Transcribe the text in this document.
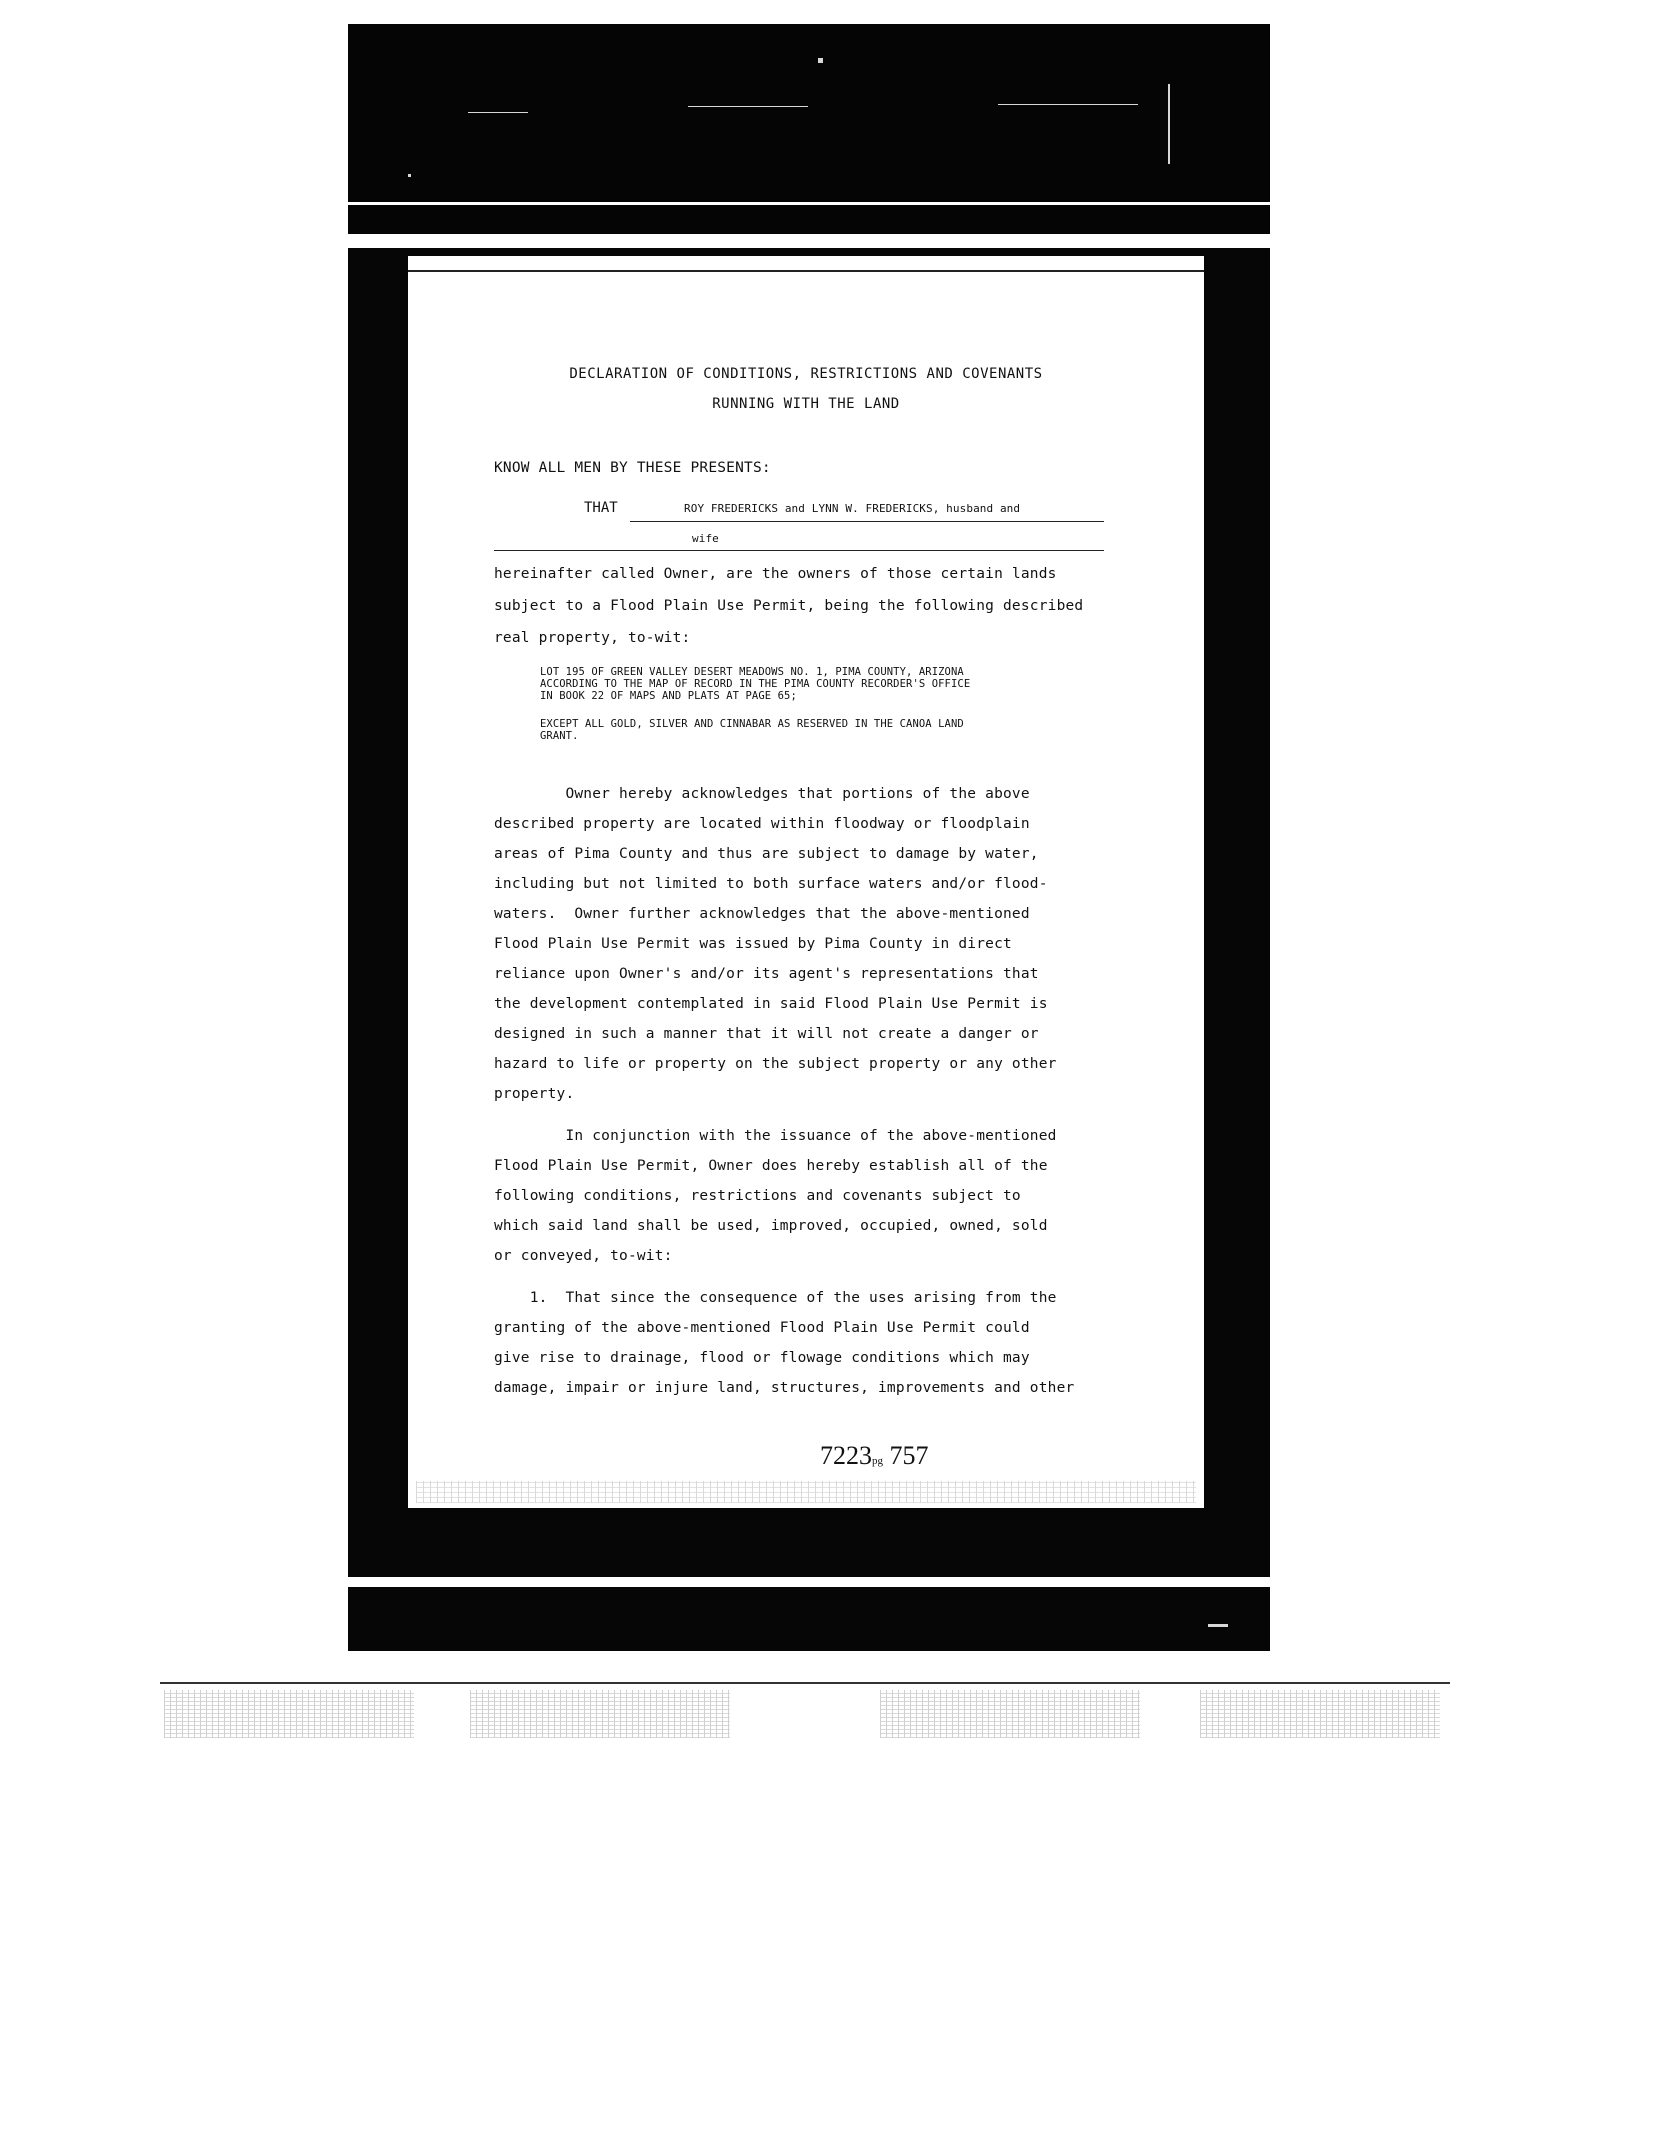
DECLARATION OF CONDITIONS, RESTRICTIONS AND COVENANTS
RUNNING WITH THE LAND
KNOW ALL MEN BY THESE PRESENTS:
THAT	ROY FREDERICKS and LYNN W. FREDERICKS, husband and
wife
hereinafter called Owner, are the owners of those certain lands
subject to a Flood Plain Use Permit, being the following described
real property, to-wit:
LOT 195 OF GREEN VALLEY DESERT MEADOWS NO. 1, PIMA COUNTY, ARIZONA
ACCORDING TO THE MAP OF RECORD IN THE PIMA COUNTY RECORDER'S OFFICE
IN BOOK 22 OF MAPS AND PLATS AT PAGE 65;
EXCEPT ALL GOLD, SILVER AND CINNABAR AS RESERVED IN THE CANOA LAND
GRANT.
Owner hereby acknowledges that portions of the above
described property are located within floodway or floodplain
areas of Pima County and thus are subject to damage by water,
including but not limited to both surface waters and/or flood-
waters.  Owner further acknowledges that the above-mentioned
Flood Plain Use Permit was issued by Pima County in direct
reliance upon Owner's and/or its agent's representations that
the development contemplated in said Flood Plain Use Permit is
designed in such a manner that it will not create a danger or
hazard to life or property on the subject property or any other
property.
In conjunction with the issuance of the above-mentioned
Flood Plain Use Permit, Owner does hereby establish all of the
following conditions, restrictions and covenants subject to
which said land shall be used, improved, occupied, owned, sold
or conveyed, to-wit:
1.  That since the consequence of the uses arising from the
granting of the above-mentioned Flood Plain Use Permit could
give rise to drainage, flood or flowage conditions which may
damage, impair or injure land, structures, improvements and other
7223pg 757
